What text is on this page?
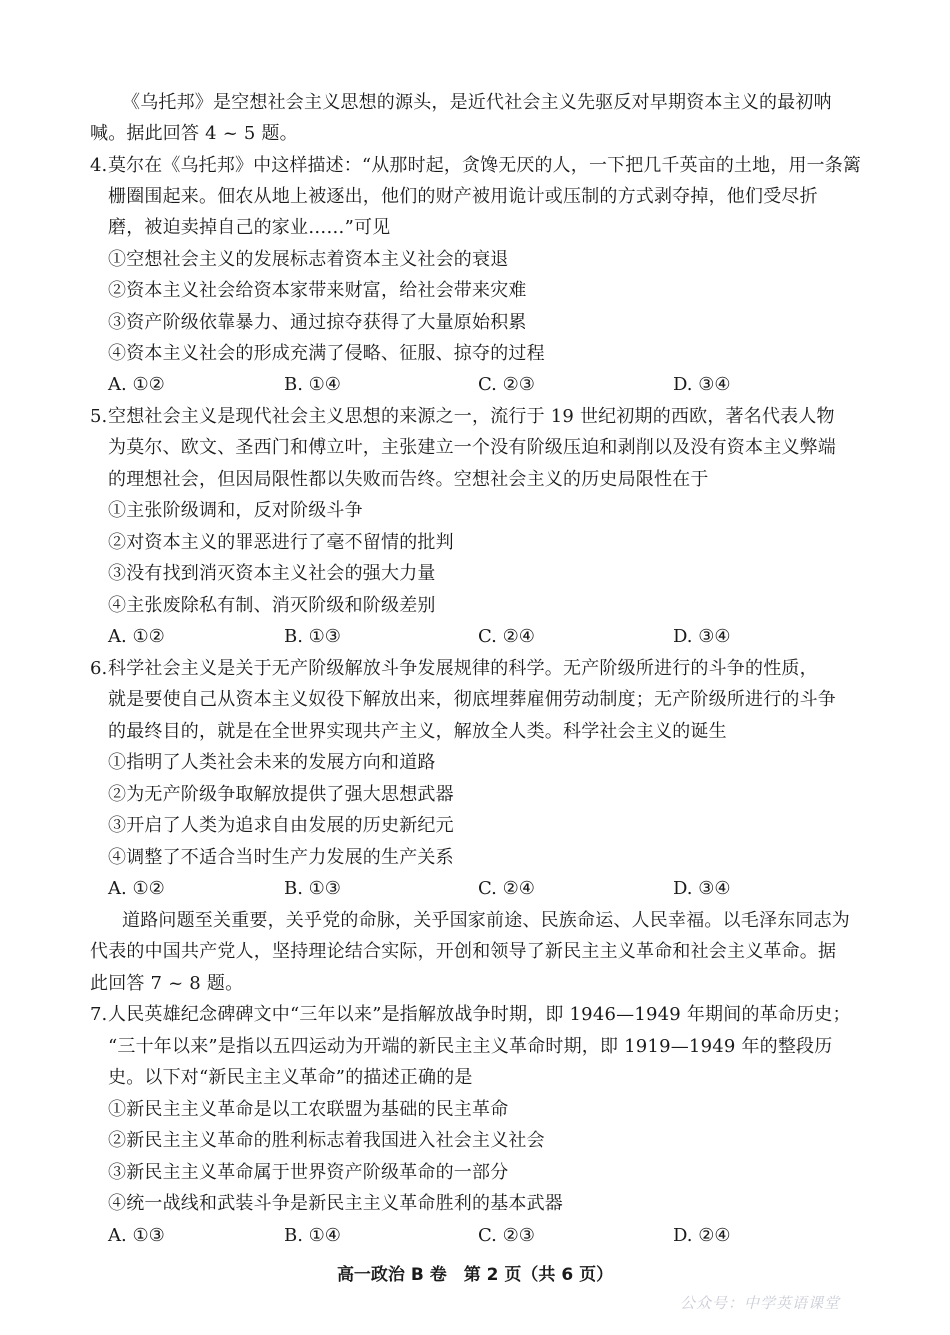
《乌托邦》是空想社会主义思想的源头，是近代社会主义先驱反对早期资本主义的最初呐
喊。据此回答 4 ~ 5 题。
4. 莫尔在《乌托邦》中这样描述：“从那时起，贪馋无厌的人，一下把几千英亩的土地，用一条篱
栅圈围起来。佃农从地上被逐出，他们的财产被用诡计或压制的方式剥夺掉，他们受尽折
磨，被迫卖掉自己的家业……”可见
①空想社会主义的发展标志着资本主义社会的衰退
②资本主义社会给资本家带来财富，给社会带来灾难
③资产阶级依靠暴力、通过掠夺获得了大量原始积累
④资本主义社会的形成充满了侵略、征服、掠夺的过程
A. ①②	B. ①④	C. ②③	D. ③④
5. 空想社会主义是现代社会主义思想的来源之一，流行于 19 世纪初期的西欧，著名代表人物
为莫尔、欧文、圣西门和傅立叶，主张建立一个没有阶级压迫和剥削以及没有资本主义弊端
的理想社会，但因局限性都以失败而告终。空想社会主义的历史局限性在于
①主张阶级调和，反对阶级斗争
②对资本主义的罪恶进行了毫不留情的批判
③没有找到消灭资本主义社会的强大力量
④主张废除私有制、消灭阶级和阶级差别
A. ①②	B. ①③	C. ②④	D. ③④
6. 科学社会主义是关于无产阶级解放斗争发展规律的科学。无产阶级所进行的斗争的性质，
就是要使自己从资本主义奴役下解放出来，彻底埋葬雇佣劳动制度；无产阶级所进行的斗争
的最终目的，就是在全世界实现共产主义，解放全人类。科学社会主义的诞生
①指明了人类社会未来的发展方向和道路
②为无产阶级争取解放提供了强大思想武器
③开启了人类为追求自由发展的历史新纪元
④调整了不适合当时生产力发展的生产关系
A. ①②	B. ①③	C. ②④	D. ③④
道路问题至关重要，关乎党的命脉，关乎国家前途、民族命运、人民幸福。以毛泽东同志为
代表的中国共产党人，坚持理论结合实际，开创和领导了新民主主义革命和社会主义革命。据
此回答 7 ~ 8 题。
7. 人民英雄纪念碑碑文中“三年以来”是指解放战争时期，即 1946—1949 年期间的革命历史；
“三十年以来”是指以五四运动为开端的新民主主义革命时期，即 1919—1949 年的整段历
史。以下对“新民主主义革命”的描述正确的是
①新民主主义革命是以工农联盟为基础的民主革命
②新民主主义革命的胜利标志着我国进入社会主义社会
③新民主主义革命属于世界资产阶级革命的一部分
④统一战线和武装斗争是新民主主义革命胜利的基本武器
A. ①③	B. ①④	C. ②③	D. ②④
高一政治 B 卷　第 2 页（共 6 页）
公众号：中学英语课堂
